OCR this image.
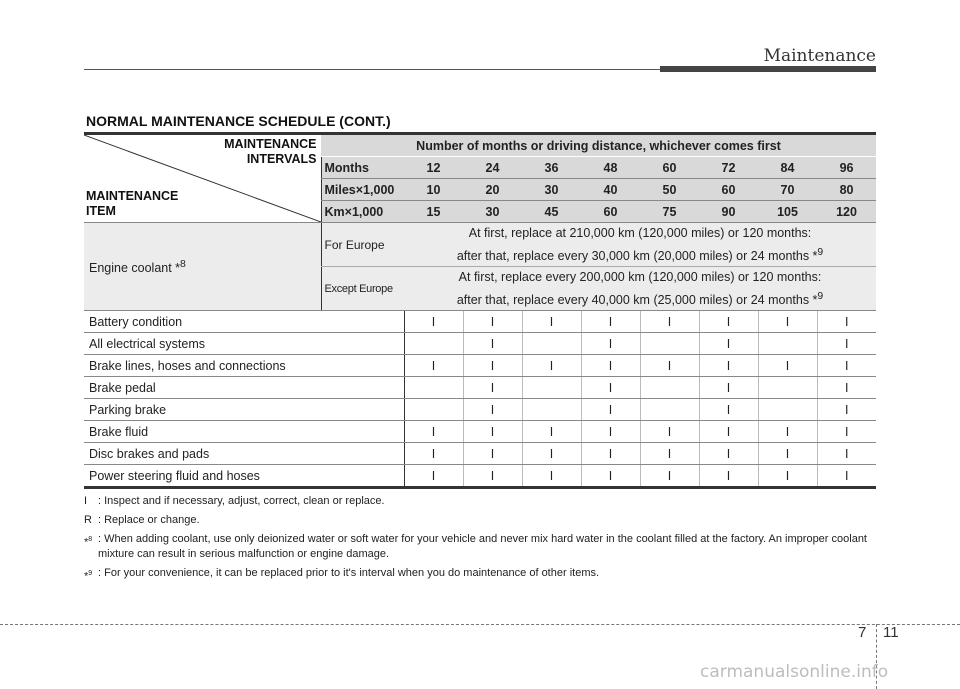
Maintenance
NORMAL MAINTENANCE SCHEDULE (CONT.)
MAINTENANCE
INTERVALS
MAINTENANCE
ITEM	Number of months or driving distance, whichever comes first								
	Months	12	24	36	48	60	72	84	96
	Miles×1,000	10	20	30	40	50	60	70	80
	Km×1,000	15	30	45	60	75	90	105	120
Engine coolant *$^8$	For Europe	At first, replace at 210,000 km (120,000 miles) or 120 months:
after that, replace every 30,000 km (20,000 miles) or 24 months *$^9$
	Except Europe	At first, replace every 200,000 km (120,000 miles) or 120 months:
after that, replace every 40,000 km (25,000 miles) or 24 months *$^9$
Battery condition		I	I	I	I	I	I	I	I
All electrical systems			I		I		I		I
Brake lines, hoses and connections		I	I	I	I	I	I	I	I
Brake pedal			I		I		I		I
Parking brake			I		I		I		I
Brake fluid		I	I	I	I	I	I	I	I
Disc brakes and pads		I	I	I	I	I	I	I	I
Power steering fluid and hoses		I	I	I	I	I	I	I	I
I : Inspect and if necessary, adjust, correct, clean or replace.
R : Replace or change.
*$^8$ : When adding coolant, use only deionized water or soft water for your vehicle and never mix hard water in the coolant filled at the factory. An improper coolant mixture can result in serious malfunction or engine damage.
*$^9$ : For your convenience, it can be replaced prior to it's interval when you do maintenance of other items.
7 11
carmanualsonline.info
